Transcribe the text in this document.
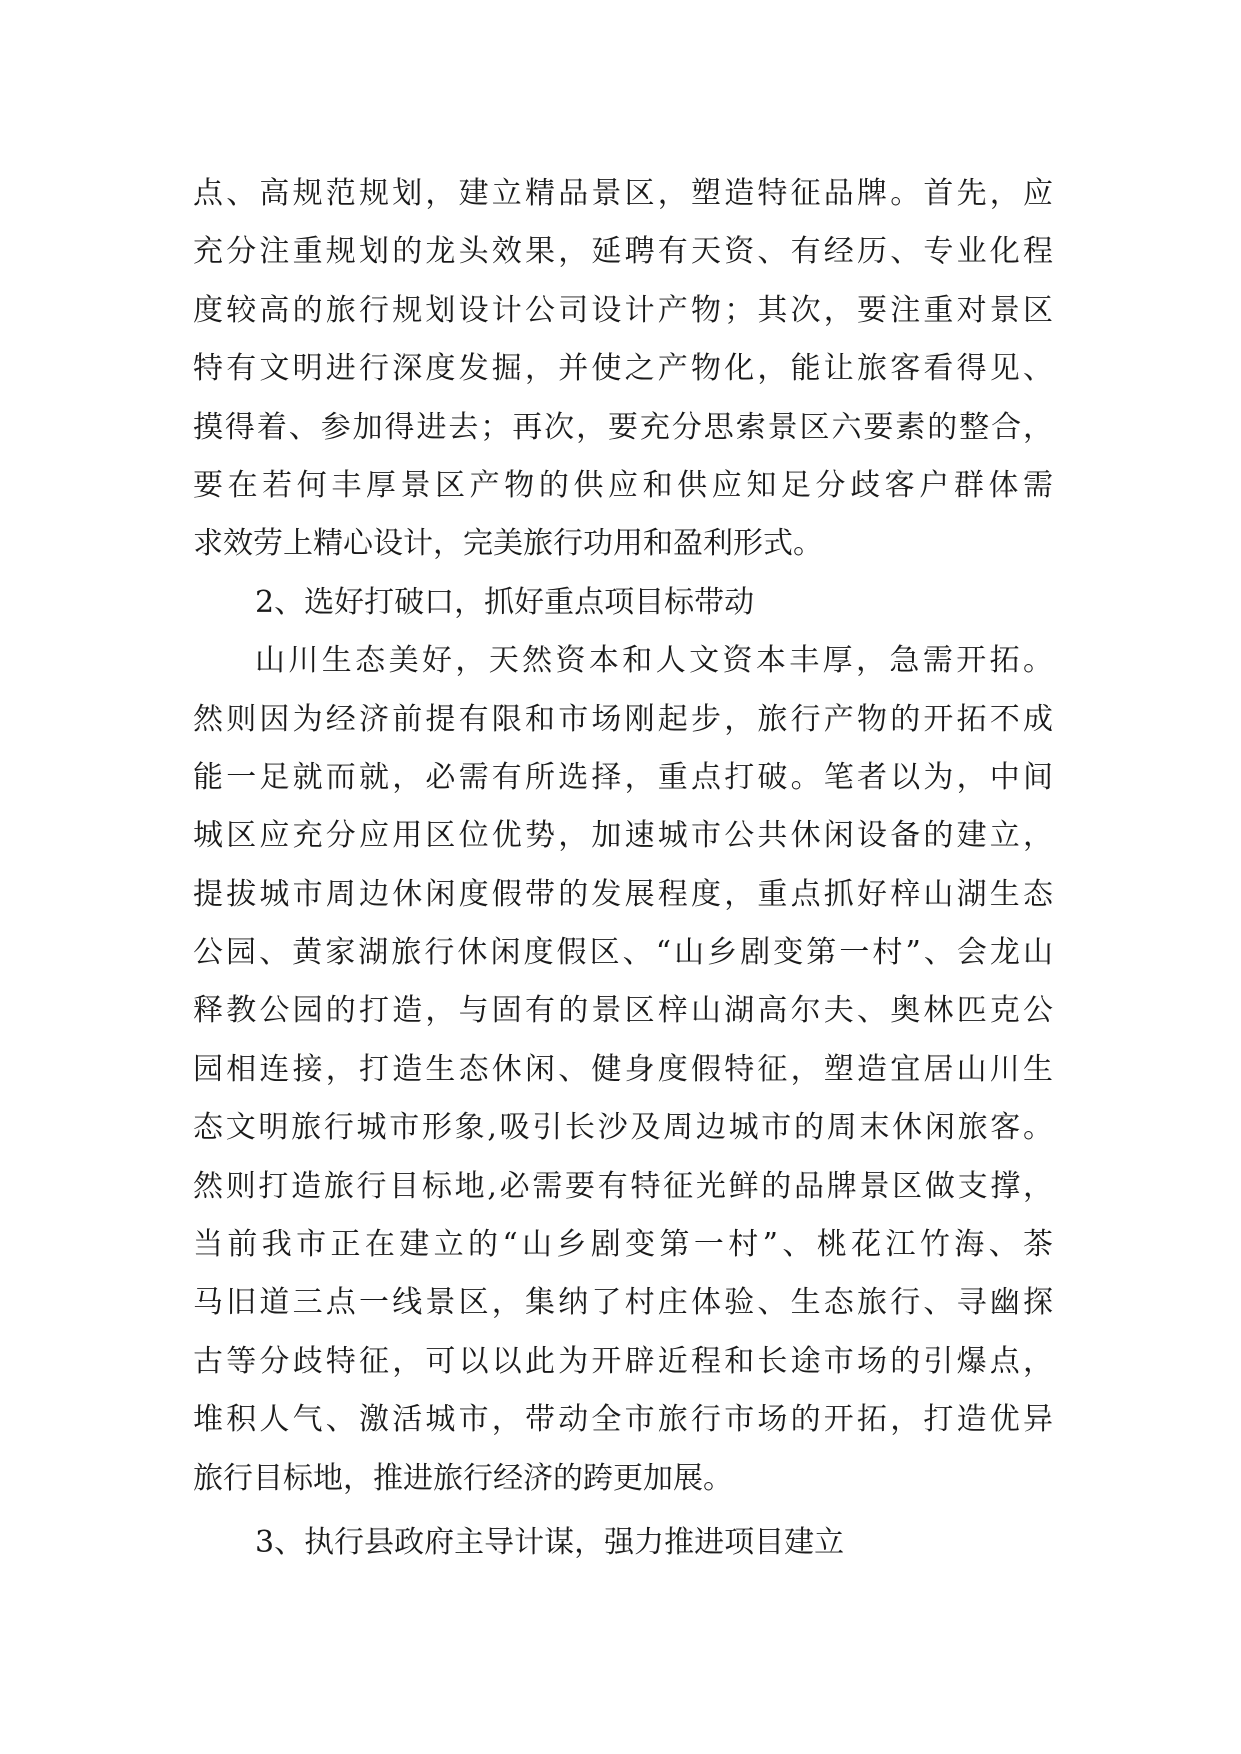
点、高规范规划，建立精品景区，塑造特征品牌。首先，应
充分注重规划的龙头效果，延聘有天资、有经历、专业化程
度较高的旅行规划设计公司设计产物；其次，要注重对景区
特有文明进行深度发掘，并使之产物化，能让旅客看得见、
摸得着、参加得进去；再次，要充分思索景区六要素的整合，
要在若何丰厚景区产物的供应和供应知足分歧客户群体需
求效劳上精心设计，完美旅行功用和盈利形式。
2、选好打破口，抓好重点项目标带动
山川生态美好，天然资本和人文资本丰厚，急需开拓。
然则因为经济前提有限和市场刚起步，旅行产物的开拓不成
能一足就而就，必需有所选择，重点打破。笔者以为，中间
城区应充分应用区位优势，加速城市公共休闲设备的建立，
提拔城市周边休闲度假带的发展程度，重点抓好梓山湖生态
公园、黄家湖旅行休闲度假区、“山乡剧变第一村”、会龙山
释教公园的打造，与固有的景区梓山湖高尔夫、奥林匹克公
园相连接，打造生态休闲、健身度假特征，塑造宜居山川生
态文明旅行城市形象,吸引长沙及周边城市的周末休闲旅客。
然则打造旅行目标地,必需要有特征光鲜的品牌景区做支撑，
当前我市正在建立的“山乡剧变第一村”、桃花江竹海、茶
马旧道三点一线景区，集纳了村庄体验、生态旅行、寻幽探
古等分歧特征，可以以此为开辟近程和长途市场的引爆点，
堆积人气、激活城市，带动全市旅行市场的开拓，打造优异
旅行目标地，推进旅行经济的跨更加展。
3、执行县政府主导计谋，强力推进项目建立
